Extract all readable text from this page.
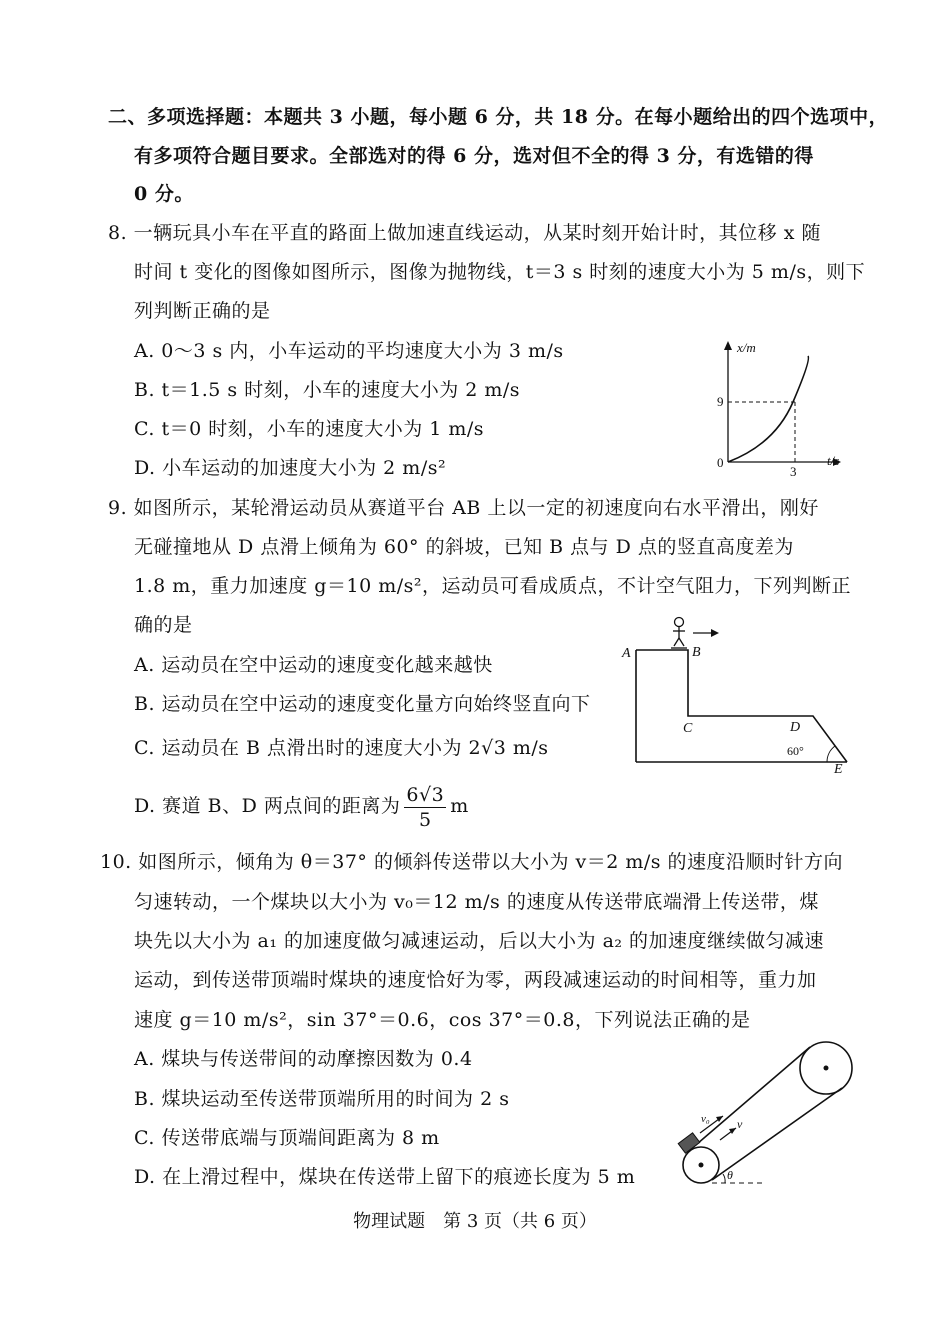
二、多项选择题：本题共 3 小题，每小题 6 分，共 18 分。在每小题给出的四个选项中，
有多项符合题目要求。全部选对的得 6 分，选对但不全的得 3 分，有选错的得
0 分。
8. 一辆玩具小车在平直的路面上做加速直线运动，从某时刻开始计时，其位移 x 随
时间 t 变化的图像如图所示，图像为抛物线，t＝3 s 时刻的速度大小为 5 m/s，则下
列判断正确的是
A. 0～3 s 内，小车运动的平均速度大小为 3 m/s
B. t＝1.5 s 时刻，小车的速度大小为 2 m/s
C. t＝0 时刻，小车的速度大小为 1 m/s
D. 小车运动的加速度大小为 2 m/s²
x/m
t/s
9
0
3
9. 如图所示，某轮滑运动员从赛道平台 AB 上以一定的初速度向右水平滑出，刚好
无碰撞地从 D 点滑上倾角为 60° 的斜坡，已知 B 点与 D 点的竖直高度差为
1.8 m，重力加速度 g＝10 m/s²，运动员可看成质点，不计空气阻力，下列判断正
确的是
A. 运动员在空中运动的速度变化越来越快
B. 运动员在空中运动的速度变化量方向始终竖直向下
C. 运动员在 B 点滑出时的速度大小为 2√3 m/s
D. 赛道 B、D 两点间的距离为 $\frac{6√3}{5}$ m
A	B
C	D
E
60°
10. 如图所示，倾角为 θ＝37° 的倾斜传送带以大小为 v＝2 m/s 的速度沿顺时针方向
匀速转动，一个煤块以大小为 v₀＝12 m/s 的速度从传送带底端滑上传送带，煤
块先以大小为 a₁ 的加速度做匀减速运动，后以大小为 a₂ 的加速度继续做匀减速
运动，到传送带顶端时煤块的速度恰好为零，两段减速运动的时间相等，重力加
速度 g＝10 m/s²，sin 37°＝0.6，cos 37°＝0.8，下列说法正确的是
A. 煤块与传送带间的动摩擦因数为 0.4
B. 煤块运动至传送带顶端所用的时间为 2 s
C. 传送带底端与顶端间距离为 8 m
D. 在上滑过程中，煤块在传送带上留下的痕迹长度为 5 m
v₀ v
θ
物理试题　第 3 页（共 6 页）
